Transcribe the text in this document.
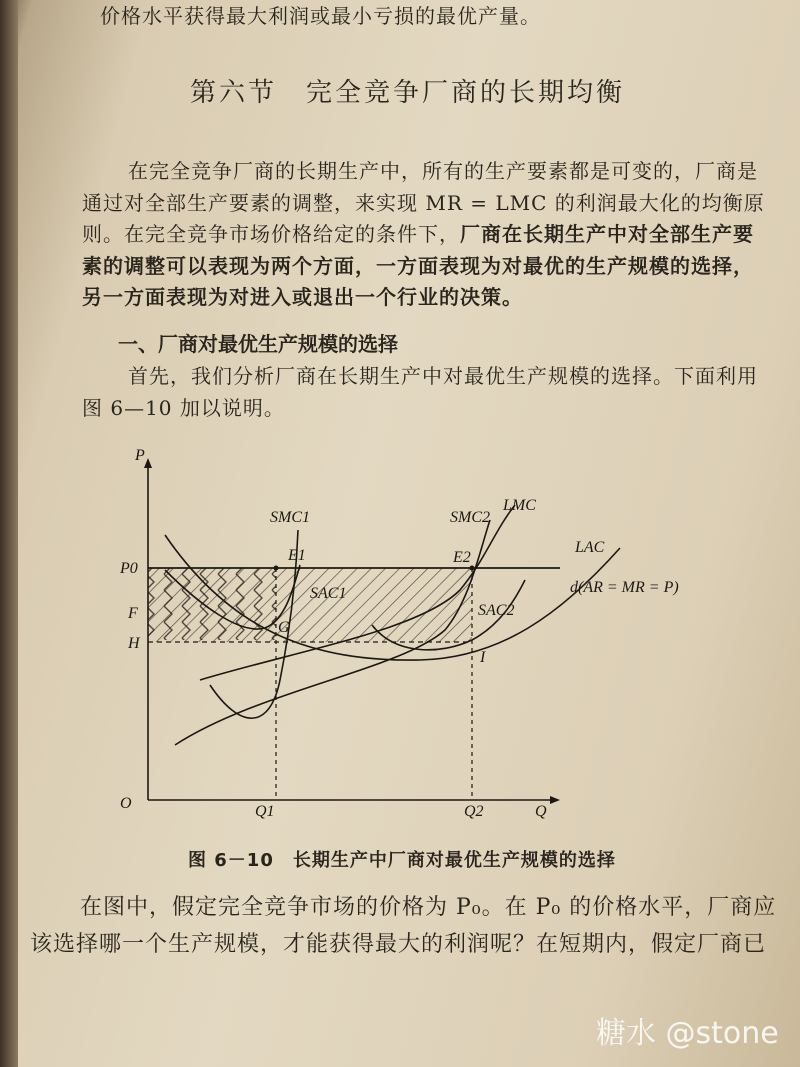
价格水平获得最大利润或最小亏损的最优产量。
第六节　完全竞争厂商的长期均衡
在完全竞争厂商的长期生产中，所有的生产要素都是可变的，厂商是
通过对全部生产要素的调整，来实现 MR = LMC 的利润最大化的均衡原
则。在完全竞争市场价格给定的条件下，厂商在长期生产中对全部生产要
素的调整可以表现为两个方面，一方面表现为对最优的生产规模的选择，
另一方面表现为对进入或退出一个行业的决策。
一、厂商对最优生产规模的选择
首先，我们分析厂商在长期生产中对最优生产规模的选择。下面利用
图 6—10 加以说明。
P
Q
O
P0
F
H
Q1	Q2
SMC1	SMC2
LMC
LAC
SAC1
SAC2
E1	E2
G
I
d(AR = MR = P)
图 6－10　长期生产中厂商对最优生产规模的选择
在图中，假定完全竞争市场的价格为 P₀。在 P₀ 的价格水平，厂商应
该选择哪一个生产规模，才能获得最大的利润呢？在短期内，假定厂商已
糖水 @stone
